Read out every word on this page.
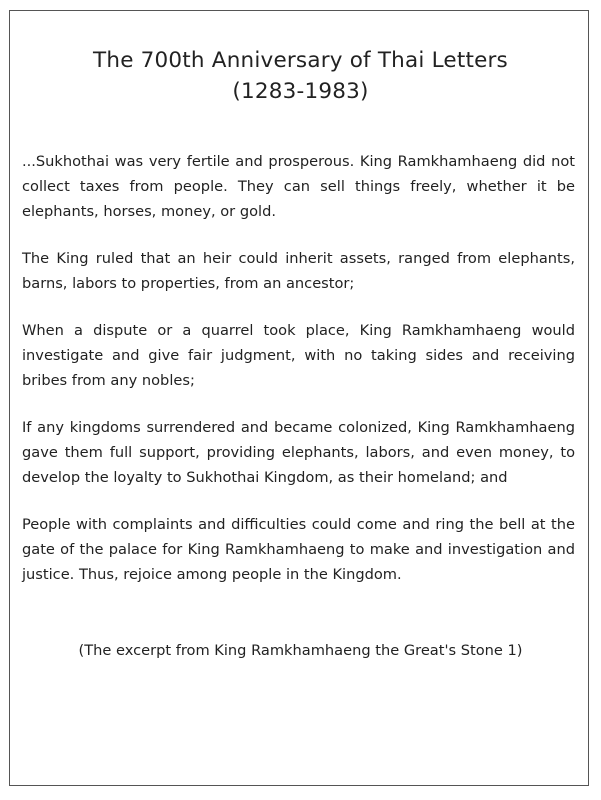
The 700th Anniversary of Thai Letters
(1283-1983)

...Sukhothai was very fertile and prosperous. King Ramkhamhaeng did not collect taxes from people. They can sell things freely, whether it be elephants, horses, money, or gold.

The King ruled that an heir could inherit assets, ranged from elephants, barns, labors to properties, from an ancestor;

When a dispute or a quarrel took place, King Ramkhamhaeng would investigate and give fair judgment, with no taking sides and receiving bribes from any nobles;

If any kingdoms surrendered and became colonized, King Ramkhamhaeng gave them full support, providing elephants, labors, and even money, to develop the loyalty to Sukhothai Kingdom, as their homeland; and

People with complaints and difficulties could come and ring the bell at the gate of the palace for King Ramkhamhaeng to make and investigation and justice. Thus, rejoice among people in the Kingdom.

(The excerpt from King Ramkhamhaeng the Great's Stone 1)
